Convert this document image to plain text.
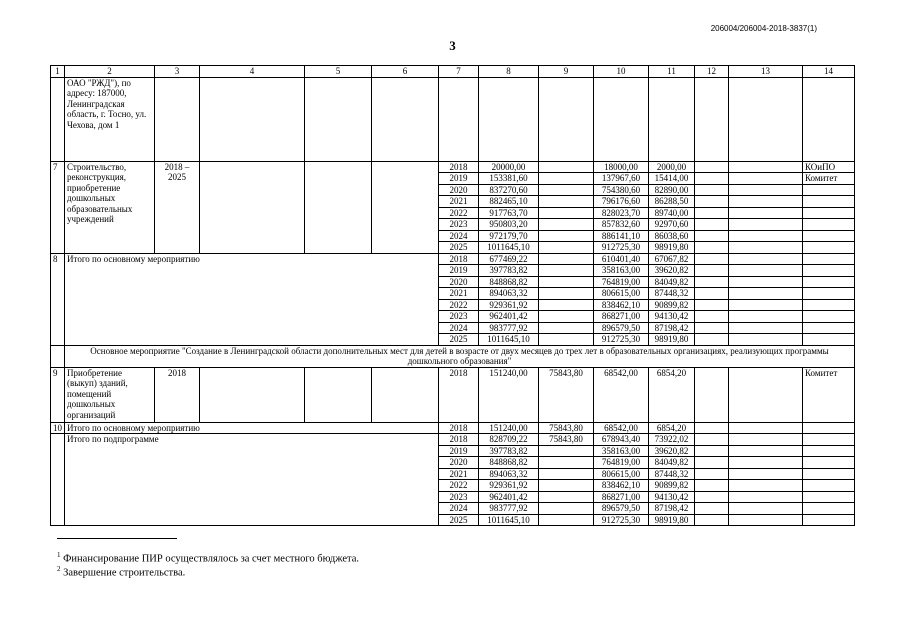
206004/206004-2018-3837(1)
3
1	2	3	4	5	6	7	8	9	10	11	12	13	14
	ОАО "РЖД"), по адресу: 187000, Ленинградская область, г. Тосно, ул. Чехова, дом 1												
7	Строительство, реконструкция, приобретение дошкольных образовательных учреждений	2018 – 2025				2018	20000,00		18000,00	2000,00			КОиПО
						2019	153381,60		137967,60	15414,00			Комитет
						2020	837270,60		754380,60	82890,00			
						2021	882465,10		796176,60	86288,50			
						2022	917763,70		828023,70	89740,00			
						2023	950803,20		857832,60	92970,60			
						2024	972179,70		886141,10	86038,60			
						2025	1011645,10		912725,30	98919,80			
8	Итого по основному мероприятию					2018	677469,22		610401,40	67067,82			
						2019	397783,82		358163,00	39620,82			
						2020	848868,82		764819,00	84049,82			
						2021	894063,32		806615,00	87448,32			
						2022	929361,92		838462,10	90899,82			
						2023	962401,42		868271,00	94130,42			
						2024	983777,92		896579,50	87198,42			
						2025	1011645,10		912725,30	98919,80			
	Основное мероприятие "Создание в Ленинградской области дополнительных мест для детей в возрасте от двух месяцев до трех лет в образовательных организациях, реализующих программы дошкольного образования"												
9	Приобретение (выкуп) зданий, помещений дошкольных организаций	2018				2018	151240,00	75843,80	68542,00	6854,20			Комитет
10	Итого по основному мероприятию					2018	151240,00	75843,80	68542,00	6854,20			
	Итого по подпрограмме					2018	828709,22	75843,80	678943,40	73922,02			
						2019	397783,82		358163,00	39620,82			
						2020	848868,82		764819,00	84049,82			
						2021	894063,32		806615,00	87448,32			
						2022	929361,92		838462,10	90899,82			
						2023	962401,42		868271,00	94130,42			
						2024	983777,92		896579,50	87198,42			
						2025	1011645,10		912725,30	98919,80			
$^1$ Финансирование ПИР осуществлялось за счет местного бюджета.
$^2$ Завершение строительства.
